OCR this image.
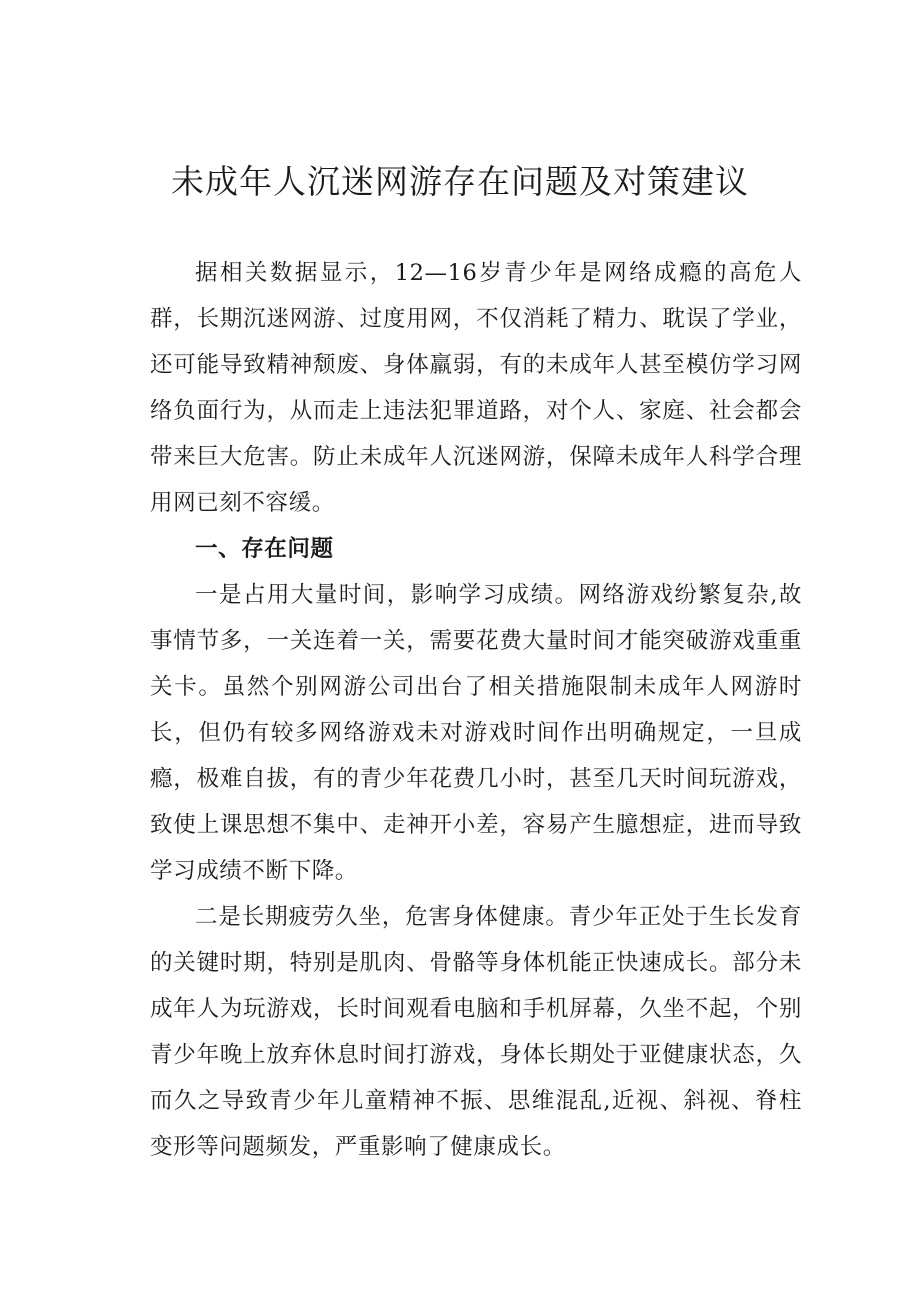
未成年人沉迷网游存在问题及对策建议

据相关数据显示，12—16岁青少年是网络成瘾的高危人群，长期沉迷网游、过度用网，不仅消耗了精力、耽误了学业，还可能导致精神颓废、身体羸弱，有的未成年人甚至模仿学习网络负面行为，从而走上违法犯罪道路，对个人、家庭、社会都会带来巨大危害。防止未成年人沉迷网游，保障未成年人科学合理用网已刻不容缓。

一、存在问题

一是占用大量时间，影响学习成绩。网络游戏纷繁复杂,故事情节多，一关连着一关，需要花费大量时间才能突破游戏重重关卡。虽然个别网游公司出台了相关措施限制未成年人网游时长，但仍有较多网络游戏未对游戏时间作出明确规定，一旦成瘾，极难自拔，有的青少年花费几小时，甚至几天时间玩游戏，致使上课思想不集中、走神开小差，容易产生臆想症，进而导致学习成绩不断下降。

二是长期疲劳久坐，危害身体健康。青少年正处于生长发育的关键时期，特别是肌肉、骨骼等身体机能正快速成长。部分未成年人为玩游戏，长时间观看电脑和手机屏幕，久坐不起，个别青少年晚上放弃休息时间打游戏，身体长期处于亚健康状态，久而久之导致青少年儿童精神不振、思维混乱,近视、斜视、脊柱变形等问题频发，严重影响了健康成长。
